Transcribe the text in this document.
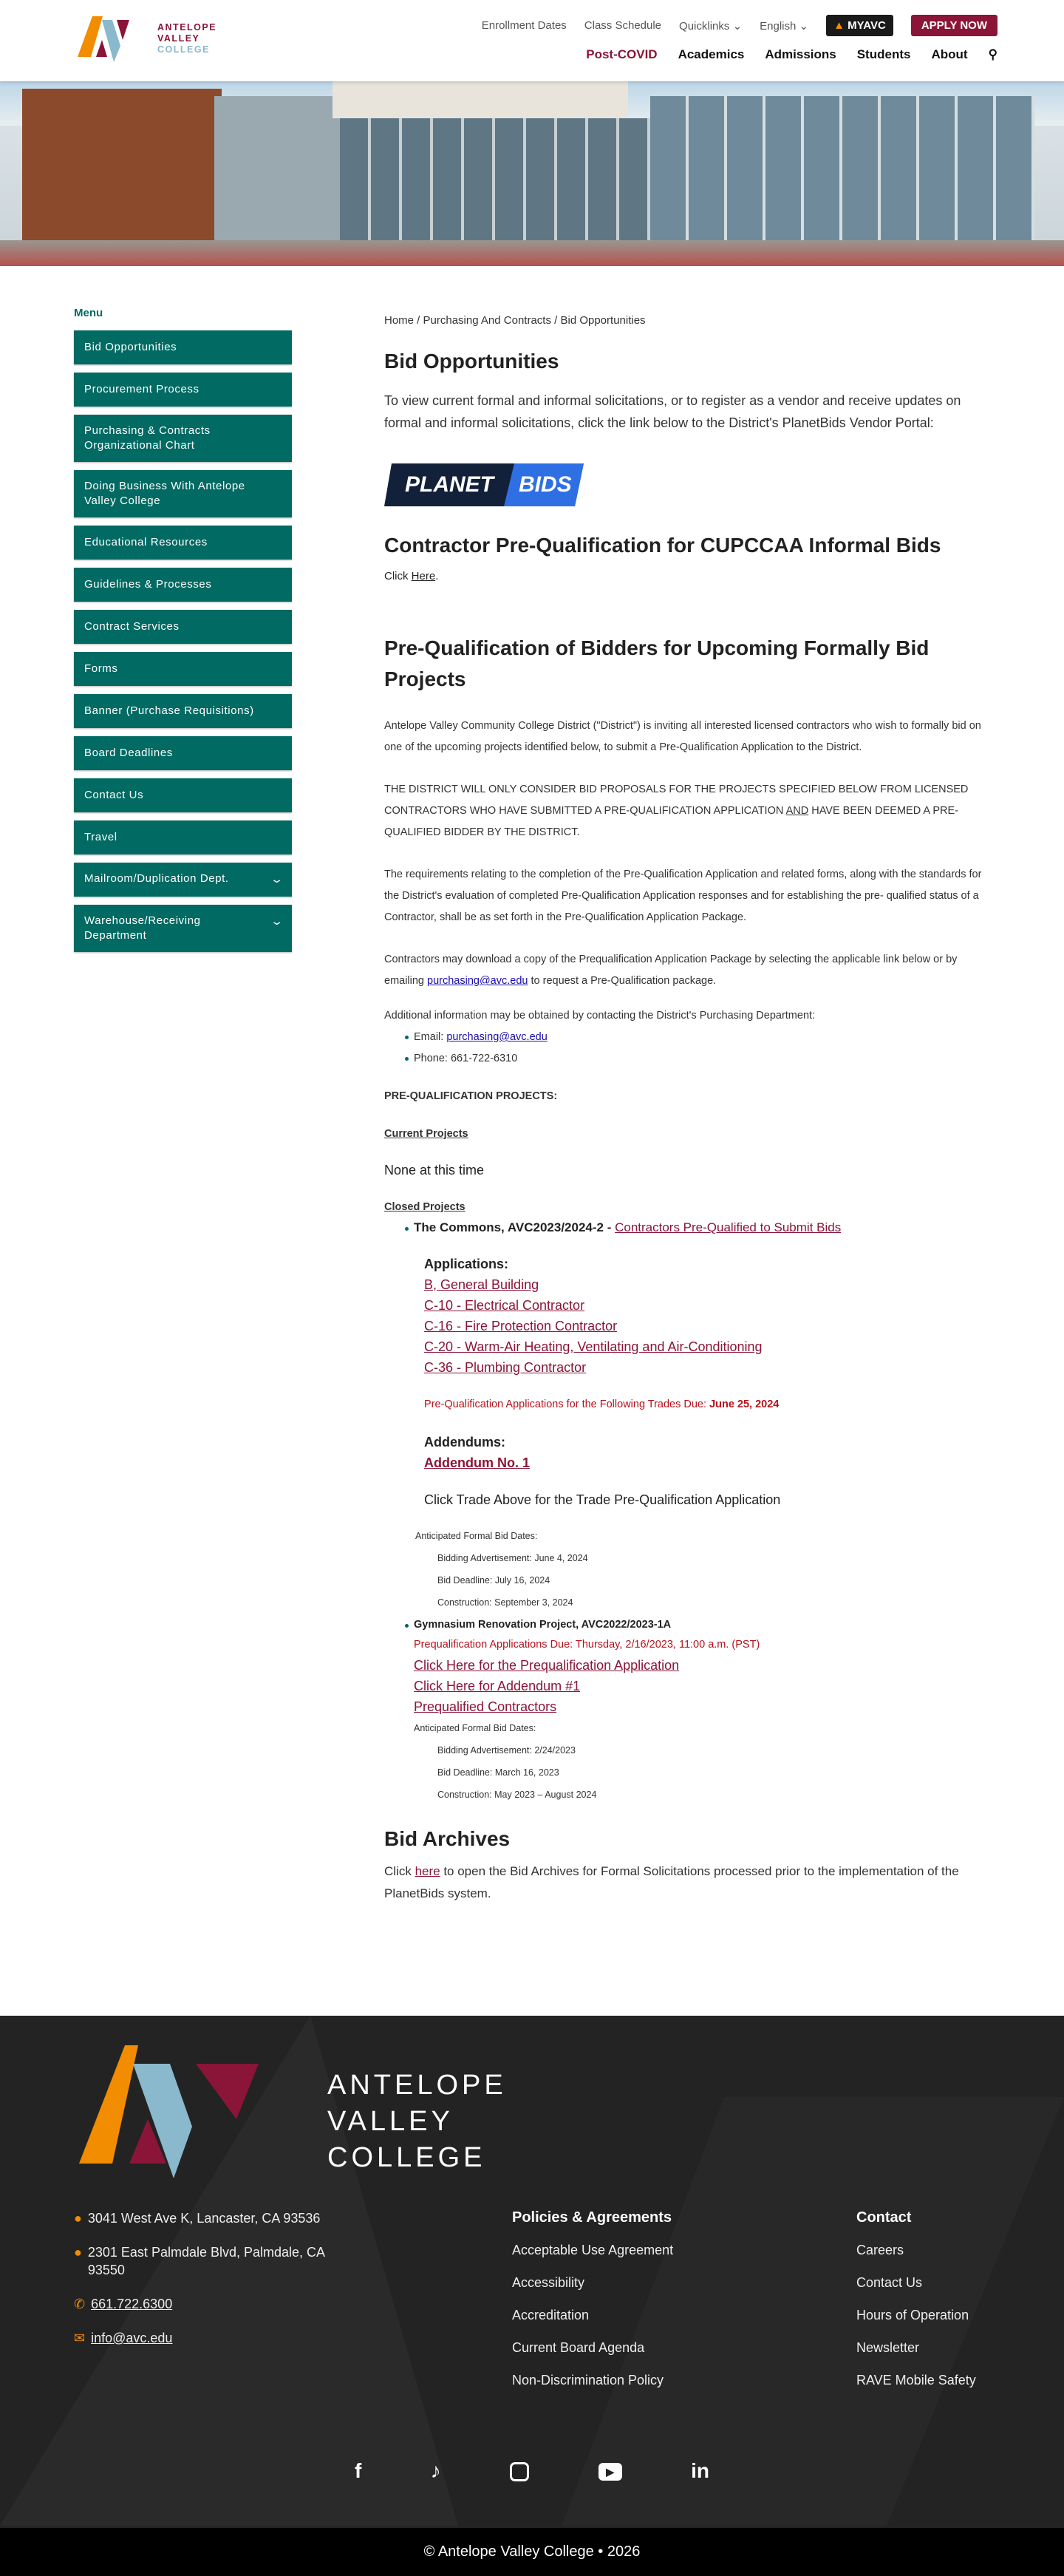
ANTELOPE
VALLEY
COLLEGE
Enrollment Dates Class Schedule Quicklinks ⌄ English ⌄	▲ MYAVC	APPLY NOW
Post-COVID Academics Admissions Students About ⚲
Menu
Bid Opportunities
Procurement Process
Purchasing & Contracts Organizational Chart
Doing Business With Antelope Valley College
Educational Resources
Guidelines & Processes
Contract Services
Forms
Banner (Purchase Requisitions)
Board Deadlines
Contact Us
Travel
Mailroom/Duplication Dept.	⌄
Warehouse/Receiving Department
⌄
Home / Purchasing And Contracts / Bid Opportunities
Bid Opportunities

To view current formal and informal solicitations, or to register as a vendor and receive updates on formal and informal solicitations, click the link below to the District's PlanetBids Vendor Portal:

PLANET BIDS
Contractor Pre-Qualification for CUPCCAA Informal Bids

Click Here.

Pre-Qualification of Bidders for Upcoming Formally Bid Projects

Antelope Valley Community College District ("District") is inviting all interested licensed contractors who wish to formally bid on one of the upcoming projects identified below, to submit a Pre-Qualification Application to the District.

THE DISTRICT WILL ONLY CONSIDER BID PROPOSALS FOR THE PROJECTS SPECIFIED BELOW FROM LICENSED CONTRACTORS WHO HAVE SUBMITTED A PRE-QUALIFICATION APPLICATION AND HAVE BEEN DEEMED A PRE-QUALIFIED BIDDER BY THE DISTRICT.

The requirements relating to the completion of the Pre-Qualification Application and related forms, along with the standards for the District's evaluation of completed Pre-Qualification Application responses and for establishing the pre- qualified status of a Contractor, shall be as set forth in the Pre-Qualification Application Package.

Contractors may download a copy of the Prequalification Application Package by selecting the applicable link below or by emailing purchasing@avc.edu to request a Pre-Qualification package.

Additional information may be obtained by contacting the District's Purchasing Department:

Email: purchasing@avc.edu
Phone: 661-722-6310

PRE-QUALIFICATION PROJECTS:

Current Projects

None at this time

Closed Projects

The Commons, AVC2023/2024-2 - Contractors Pre-Qualified to Submit Bids
Applications:
B, General Building
C-10 - Electrical Contractor
C-16 - Fire Protection Contractor
C-20 - Warm-Air Heating, Ventilating and Air-Conditioning
C-36 - Plumbing Contractor
Pre-Qualification Applications for the Following Trades Due: June 25, 2024
Addendums:
Addendum No. 1
Click Trade Above for the Trade Pre-Qualification Application
Anticipated Formal Bid Dates:
Bidding Advertisement: June 4, 2024
Bid Deadline: July 16, 2024
Construction: September 3, 2024
Gymnasium Renovation Project, AVC2022/2023-1A
Prequalification Applications Due: Thursday, 2/16/2023, 11:00 a.m. (PST)
Click Here for the Prequalification Application
Click Here for Addendum #1
Prequalified Contractors
Anticipated Formal Bid Dates:
Bidding Advertisement: 2/24/2023
Bid Deadline: March 16, 2023
Construction: May 2023 – August 2024
Bid Archives

Click here to open the Bid Archives for Formal Solicitations processed prior to the implementation of the PlanetBids system.

ANTELOPE
VALLEY
COLLEGE
● 3041 West Ave K, Lancaster, CA 93536
● 2301 East Palmdale Blvd, Palmdale, CA 93550
✆ 661.722.6300
✉ info@avc.edu
Policies & Agreements
Acceptable Use Agreement
Accessibility
Accreditation
Current Board Agenda
Non-Discrimination Policy
Contact
Careers
Contact Us
Hours of Operation
Newsletter
RAVE Mobile Safety
f	♪	▶	in
© Antelope Valley College • 2026
